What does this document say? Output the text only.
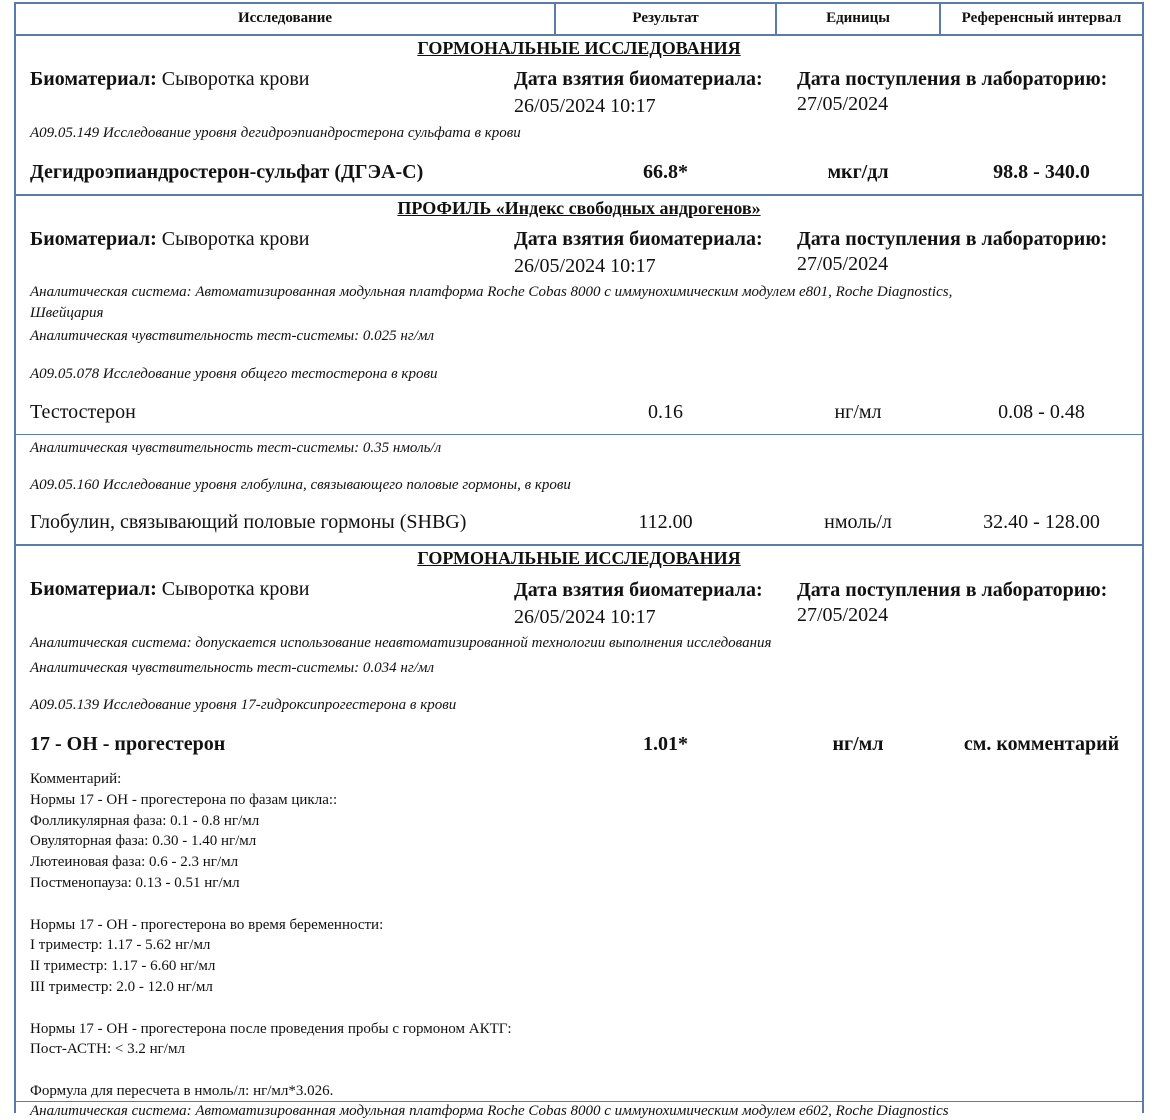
Исследование	Результат	Единицы	Референсный интервал
ГОРМОНАЛЬНЫЕ ИССЛЕДОВАНИЯ
Биоматериал: Сыворотка крови	Дата взятия биоматериала:
26/05/2024 10:17
Дата поступления в лабораторию:
27/05/2024
A09.05.149 Исследование уровня дегидроэпиандростерона сульфата в крови
Дегидроэпиандростерон-сульфат (ДГЭА-С)	66.8*	мкг/дл	98.8 - 340.0
ПРОФИЛЬ «Индекс свободных андрогенов»
Биоматериал: Сыворотка крови	Дата взятия биоматериала:
26/05/2024 10:17
Дата поступления в лабораторию:
27/05/2024
Аналитическая система: Автоматизированная модульная платформа Roche Cobas 8000 с иммунохимическим модулем e801, Roche Diagnostics,
Швейцария
Аналитическая чувствительность тест-системы: 0.025 нг/мл
A09.05.078 Исследование уровня общего тестостерона в крови
Тестостерон	0.16	нг/мл	0.08 - 0.48
Аналитическая чувствительность тест-системы: 0.35 нмоль/л
A09.05.160 Исследование уровня глобулина, связывающего половые гормоны, в крови
Глобулин, связывающий половые гормоны (SHBG)	112.00	нмоль/л	32.40 - 128.00
ГОРМОНАЛЬНЫЕ ИССЛЕДОВАНИЯ
Биоматериал: Сыворотка крови	Дата взятия биоматериала:
26/05/2024 10:17
Дата поступления в лабораторию:
27/05/2024
Аналитическая система: допускается использование неавтоматизированной технологии выполнения исследования
Аналитическая чувствительность тест-системы: 0.034 нг/мл
A09.05.139 Исследование уровня 17-гидроксипрогестерона в крови
17 - ОН - прогестерон	1.01*	нг/мл	см. комментарий
Комментарий:
Нормы 17 - ОН - прогестерона по фазам цикла::
Фолликулярная фаза: 0.1 - 0.8 нг/мл
Овуляторная фаза: 0.30 - 1.40 нг/мл
Лютеиновая фаза: 0.6 - 2.3 нг/мл
Постменопауза: 0.13 - 0.51 нг/мл

Нормы 17 - ОН - прогестерона во время беременности:
I триместр: 1.17 - 5.62 нг/мл
II триместр: 1.17 - 6.60 нг/мл
III триместр: 2.0 - 12.0 нг/мл

Нормы 17 - ОН - прогестерона после проведения пробы с гормоном АКТГ:
Пост-АСТН: < 3.2 нг/мл

Формула для пересчета в нмоль/л: нг/мл*3.026.
Аналитическая система: Автоматизированная модульная платформа Roche Cobas 8000 с иммунохимическим модулем e602, Roche Diagnostics
